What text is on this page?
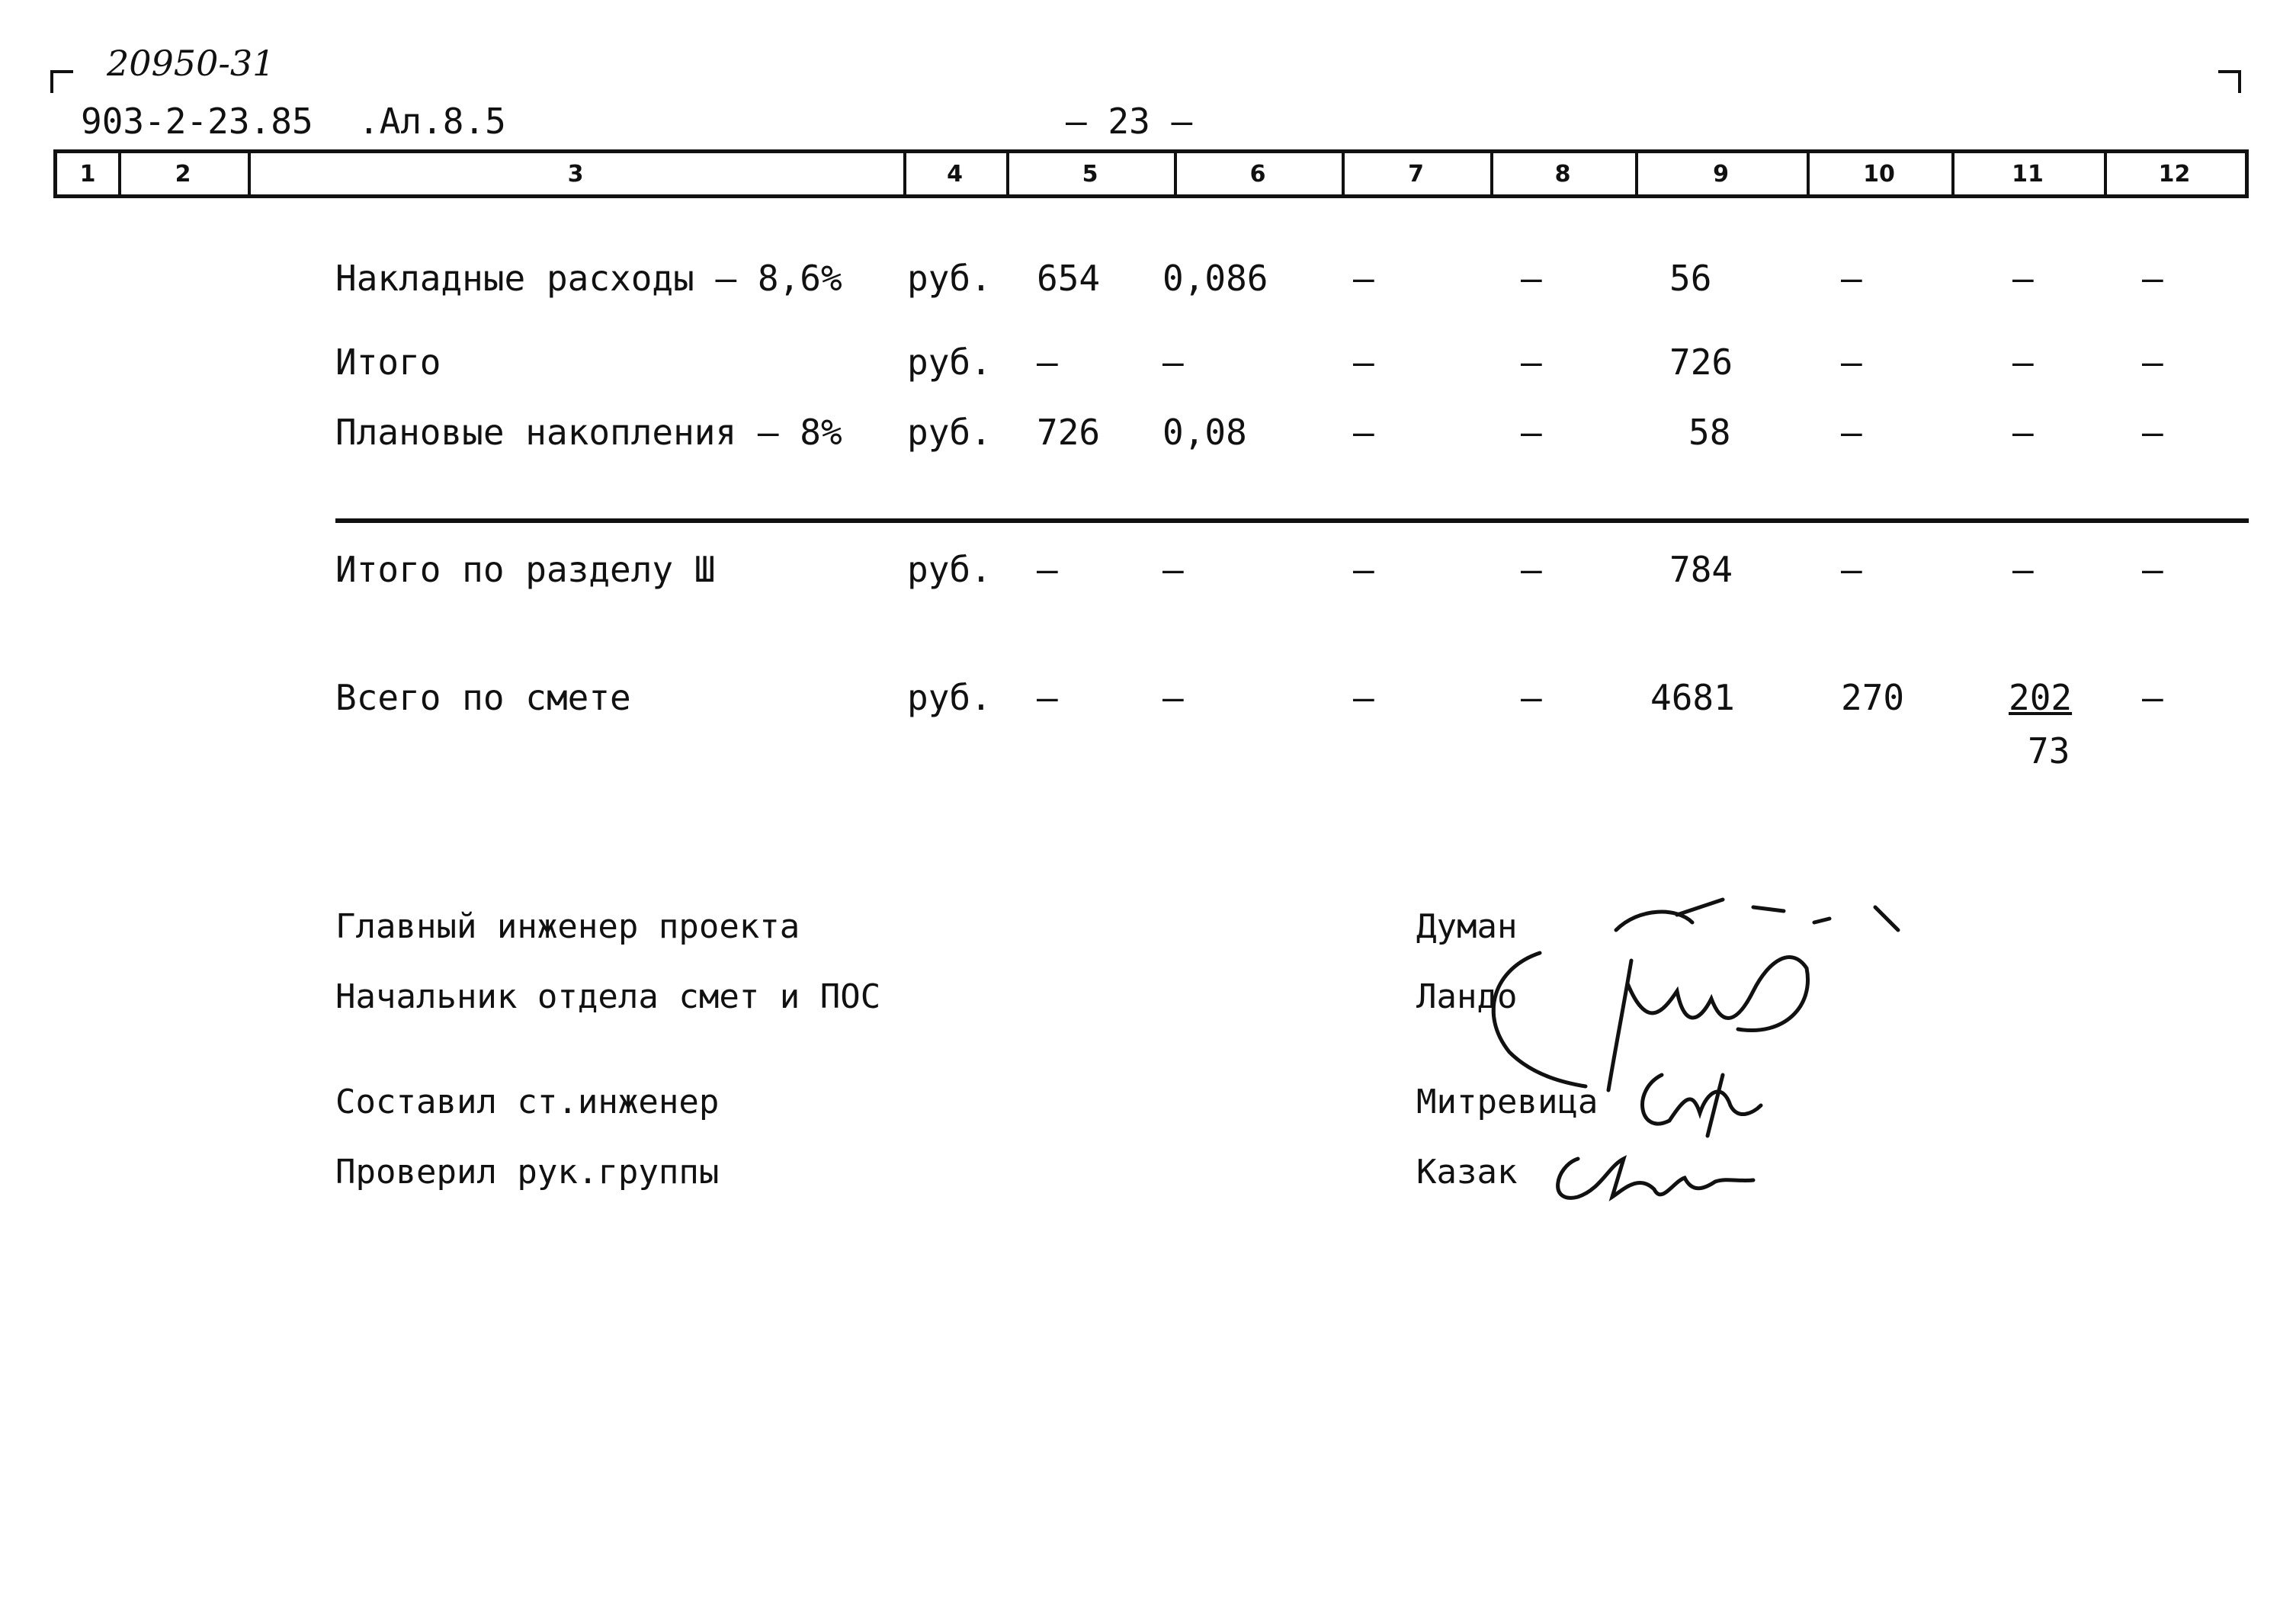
20950-31
903-2-23.85 .Ал.8.5	— 23 —
1	2	3	4	5	6	7	8	9	10	11	12
Накладные расходы – 8,6% руб. 654 0,086 –	–	56	–	–	–
Итого	руб. –	–	–	–	726	–	–	–
Плановые накопления – 8% руб. 726 0,08	–	–	58	–	–	–
Итого по разделу Ш	руб. –	–	–	–	784	–	–	–
Всего по смете	руб. –	–	–	–	4681	270	202 –
73
Главный инженер проекта	Думан
Начальник отдела смет и ПОС	Ландо
Составил ст.инженер	Митревица
Проверил рук.группы	Казак
